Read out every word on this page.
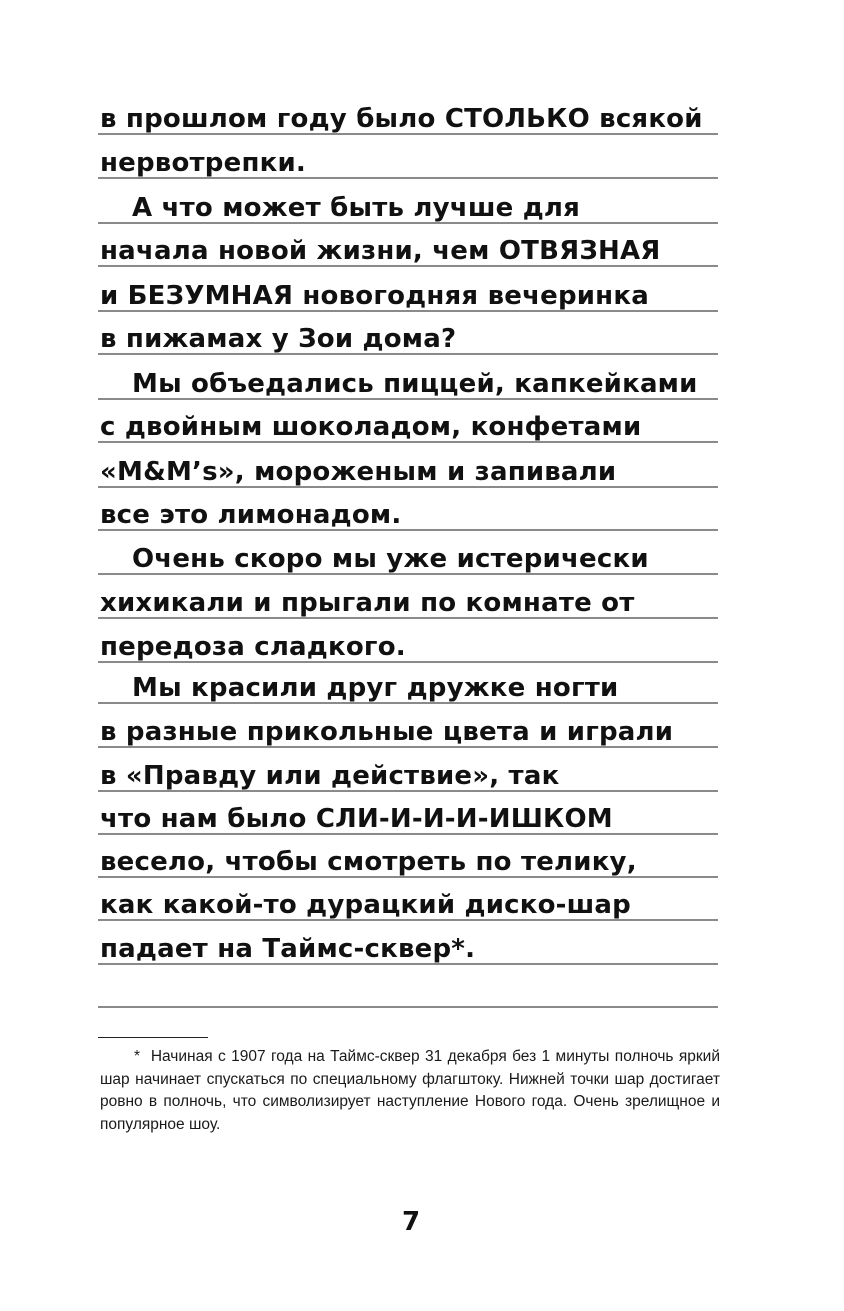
в прошлом году было СТОЛЬКО всякой
нервотрепки.
А что может быть лучше для
начала новой жизни, чем ОТВЯЗНАЯ
и БЕЗУМНАЯ новогодняя вечеринка
в пижамах у Зои дома?
Мы объедались пиццей, капкейками
с двойным шоколадом, конфетами
«M&M’s», мороженым и запивали
все это лимонадом.
Очень скоро мы уже истерически
хихикали и прыгали по комнате от
передоза сладкого.
Мы красили друг дружке ногти
в разные прикольные цвета и играли
в «Правду или действие», так
что нам было СЛИ-И-И-И-ИШКОМ
весело, чтобы смотреть по телику,
как какой-то дурацкий диско-шар
падает на Таймс-сквер*.

* Начиная с 1907 года на Таймс-сквер 31 декабря без 1 минуты полночь яркий шар начинает спускаться по специальному флагштоку. Нижней точки шар достигает ровно в полночь, что символизирует наступление Нового года. Очень зрелищное и популярное шоу.

7
